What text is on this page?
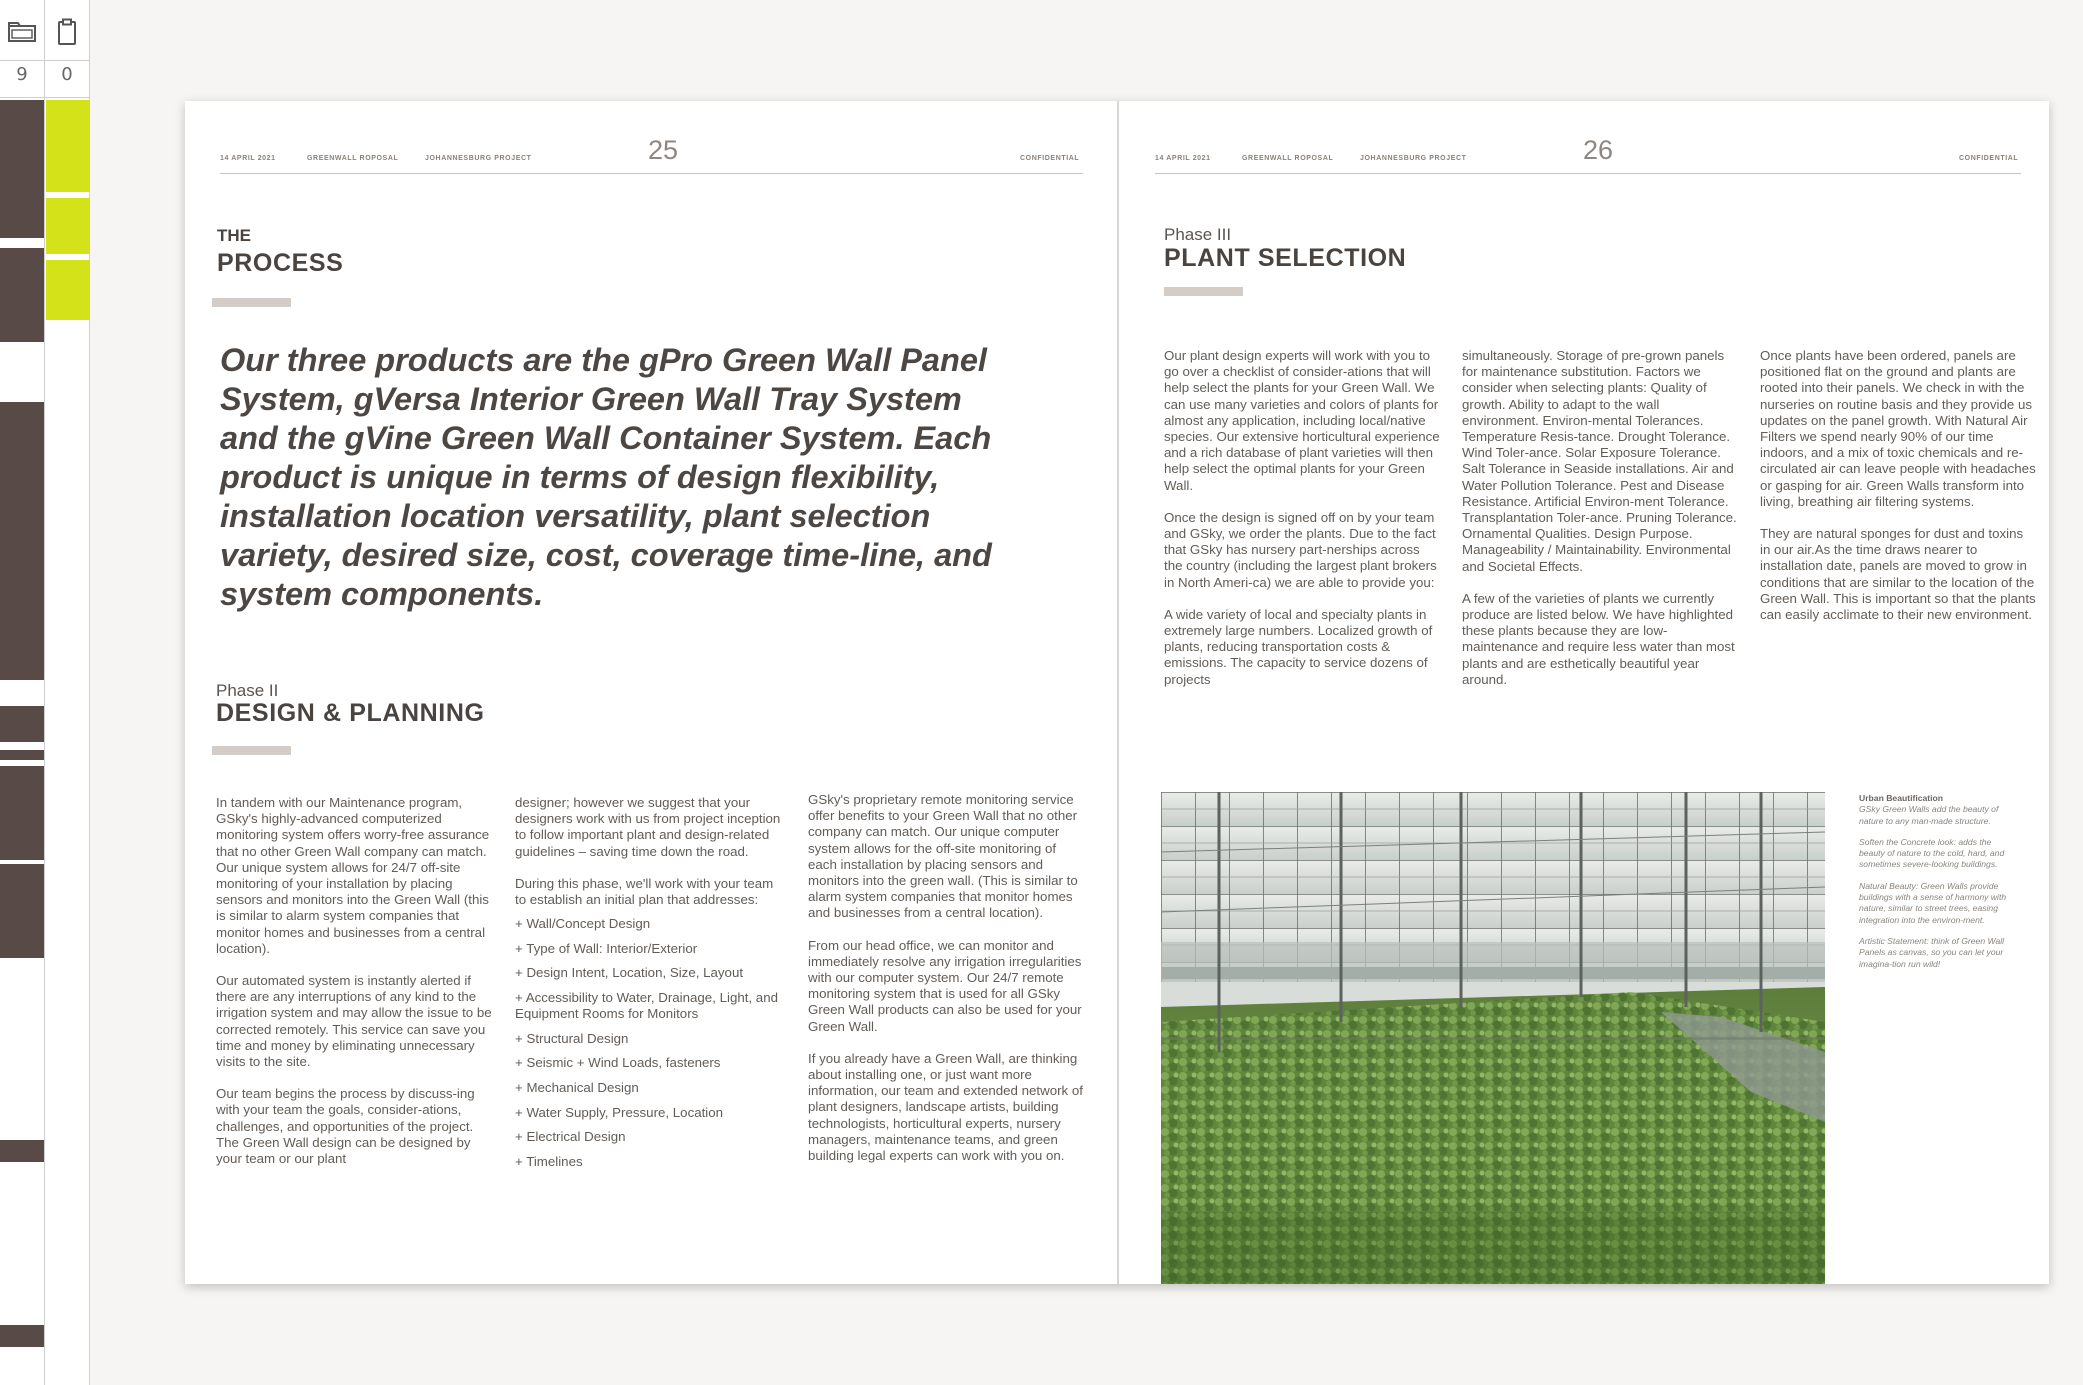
9	0
14 APRIL 2021	GREENWALL ROPOSAL	JOHANNESBURG PROJECT	25	CONFIDENTIAL
THE
PROCESS

Our three products are the gPro Green Wall Panel System, gVersa Interior Green Wall Tray System and the gVine Green Wall Container System. Each product is unique in terms of design flexibility, installation location versatility, plant selection variety, desired size, cost, coverage time-line, and system components.

Phase II
DESIGN & PLANNING

In tandem with our Maintenance program, GSky's highly-advanced computerized monitoring system offers worry-free assurance that no other Green Wall company can match. Our unique system allows for 24/7 off-site monitoring of your installation by placing sensors and monitors into the Green Wall (this is similar to alarm system companies that monitor homes and businesses from a central location).

Our automated system is instantly alerted if there are any interruptions of any kind to the irrigation system and may allow the issue to be corrected remotely. This service can save you time and money by eliminating unnecessary visits to the site.

Our team begins the process by discuss-ing with your team the goals, consider-ations, challenges, and opportunities of the project. The Green Wall design can be designed by your team or our plant

designer; however we suggest that your designers work with us from project inception to follow important plant and design-related guidelines – saving time down the road.

During this phase, we'll work with your team to establish an initial plan that addresses:

+ Wall/Concept Design
+ Type of Wall: Interior/Exterior
+ Design Intent, Location, Size, Layout
+ Accessibility to Water, Drainage, Light, and Equipment Rooms for Monitors
+ Structural Design
+ Seismic + Wind Loads, fasteners
+ Mechanical Design
+ Water Supply, Pressure, Location
+ Electrical Design
+ Timelines

GSky's proprietary remote monitoring service offer benefits to your Green Wall that no other company can match. Our unique computer system allows for the off-site monitoring of each installation by placing sensors and monitors into the green wall. (This is similar to alarm system companies that monitor homes and businesses from a central location).

From our head office, we can monitor and immediately resolve any irrigation irregularities with our computer system. Our 24/7 remote monitoring system that is used for all GSky Green Wall products can also be used for your Green Wall.

If you already have a Green Wall, are thinking about installing one, or just want more information, our team and extended network of plant designers, landscape artists, building technologists, horticultural experts, nursery managers, maintenance teams, and green building legal experts can work with you on.

14 APRIL 2021	GREENWALL ROPOSAL	JOHANNESBURG PROJECT	26	CONFIDENTIAL
Phase III
PLANT SELECTION

Our plant design experts will work with you to go over a checklist of consider-ations that will help select the plants for your Green Wall. We can use many varieties and colors of plants for almost any application, including local/native species. Our extensive horticultural experience and a rich database of plant varieties will then help select the optimal plants for your Green Wall.

Once the design is signed off on by your team and GSky, we order the plants. Due to the fact that GSky has nursery part-nerships across the country (including the largest plant brokers in North Ameri-ca) we are able to provide you:

A wide variety of local and specialty plants in extremely large numbers. Localized growth of plants, reducing transportation costs & emissions. The capacity to service dozens of projects

simultaneously. Storage of pre-grown panels for maintenance substitution. Factors we consider when selecting plants: Quality of growth. Ability to adapt to the wall environment. Environ-mental Tolerances. Temperature Resis-tance. Drought Tolerance. Wind Toler-ance. Solar Exposure Tolerance. Salt Tolerance in Seaside installations. Air and Water Pollution Tolerance. Pest and Disease Resistance. Artificial Environ-ment Tolerance. Transplantation Toler-ance. Pruning Tolerance. Ornamental Qualities. Design Purpose. Manageability / Maintainability. Environmental and Societal Effects.

A few of the varieties of plants we currently produce are listed below. We have highlighted these plants because they are low-maintenance and require less water than most plants and are esthetically beautiful year around.

Once plants have been ordered, panels are positioned flat on the ground and plants are rooted into their panels. We check in with the nurseries on routine basis and they provide us updates on the panel growth. With Natural Air Filters we spend nearly 90% of our time indoors, and a mix of toxic chemicals and re-circulated air can leave people with headaches or gasping for air. Green Walls transform into living, breathing air filtering systems.

They are natural sponges for dust and toxins in our air.As the time draws nearer to installation date, panels are moved to grow in conditions that are similar to the location of the Green Wall. This is important so that the plants can easily acclimate to their new environment.

Urban Beautification

GSky Green Walls add the beauty of nature to any man-made structure.

Soften the Concrete look: adds the beauty of nature to the cold, hard, and sometimes severe-looking buildings.

Natural Beauty: Green Walls provide buildings with a sense of harmony with nature, similar to street trees, easing integration into the environ-ment.

Artistic Statement: think of Green Wall Panels as canvas, so you can let your imagina-tion run wild!
